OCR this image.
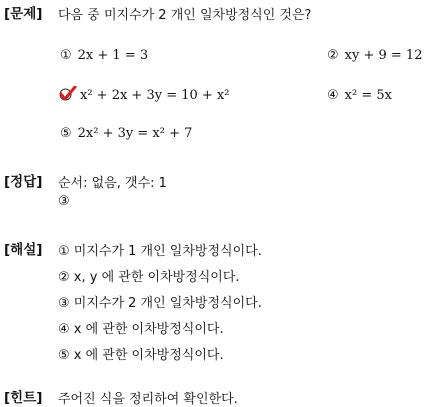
[문제] 다음 중 미지수가 2 개인 일차방정식인 것은?
① 2x + 1 = 3	② xy + 9 = 12
x² + 2x + 3y = 10 + x²	④ x² = 5x
⑤ 2x² + 3y = x² + 7
[정답] 순서: 없음, 갯수: 1
③
[해설] ① 미지수가 1 개인 일차방정식이다.
② x, y 에 관한 이차방정식이다.
③ 미지수가 2 개인 일차방정식이다.
④ x 에 관한 이차방정식이다.
⑤ x 에 관한 이차방정식이다.
[힌트] 주어진 식을 정리하여 확인한다.
